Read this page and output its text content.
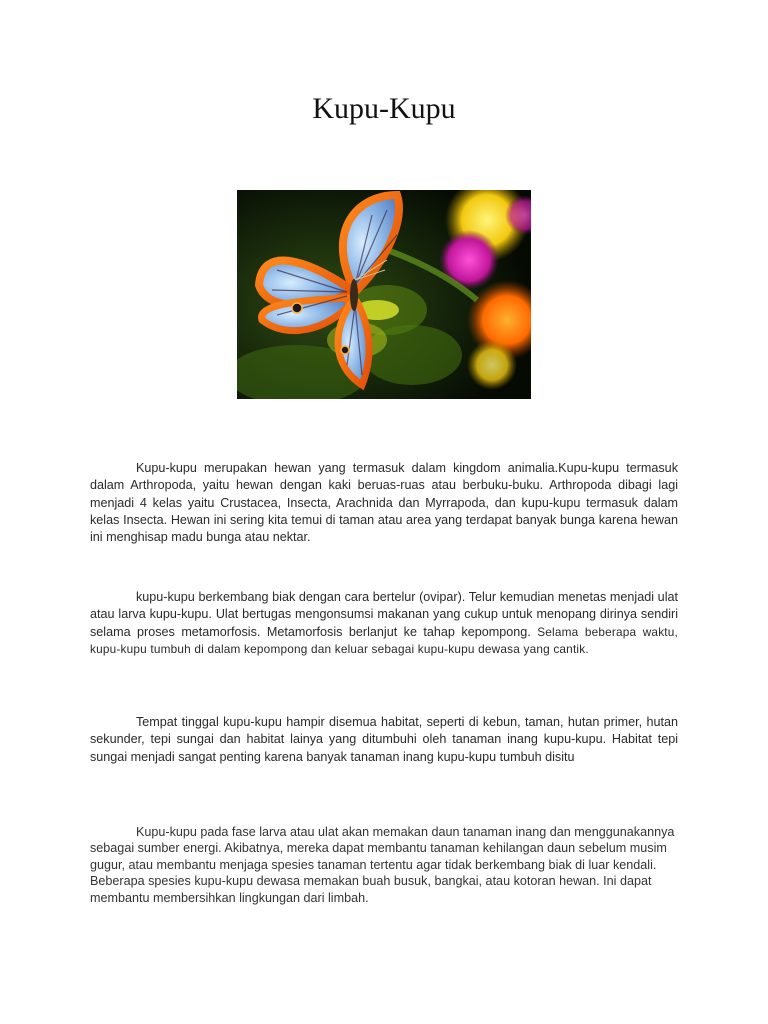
Kupu-Kupu

Kupu-kupu merupakan hewan yang termasuk dalam kingdom animalia.Kupu-kupu termasuk dalam Arthropoda, yaitu hewan dengan kaki beruas-ruas atau berbuku-buku. Arthropoda dibagi lagi menjadi 4 kelas yaitu Crustacea, Insecta, Arachnida dan Myrrapoda, dan kupu-kupu termasuk dalam kelas Insecta. Hewan ini sering kita temui di taman atau area yang terdapat banyak bunga karena hewan ini menghisap madu bunga atau nektar.

kupu-kupu berkembang biak dengan cara bertelur (ovipar). Telur kemudian menetas menjadi ulat atau larva kupu-kupu. Ulat bertugas mengonsumsi makanan yang cukup untuk menopang dirinya sendiri selama proses metamorfosis. Metamorfosis berlanjut ke tahap kepompong. Selama beberapa waktu, kupu-kupu tumbuh di dalam kepompong dan keluar sebagai kupu-kupu dewasa yang cantik.

Tempat tinggal kupu-kupu hampir disemua habitat, seperti di kebun, taman, hutan primer, hutan sekunder, tepi sungai dan habitat lainya yang ditumbuhi oleh tanaman inang kupu-kupu. Habitat tepi sungai menjadi sangat penting karena banyak tanaman inang kupu-kupu tumbuh disitu

Kupu-kupu pada fase larva atau ulat akan memakan daun tanaman inang dan menggunakannya sebagai sumber energi. Akibatnya, mereka dapat membantu tanaman kehilangan daun sebelum musim gugur, atau membantu menjaga spesies tanaman tertentu agar tidak berkembang biak di luar kendali. Beberapa spesies kupu-kupu dewasa memakan buah busuk, bangkai, atau kotoran hewan. Ini dapat membantu membersihkan lingkungan dari limbah.
